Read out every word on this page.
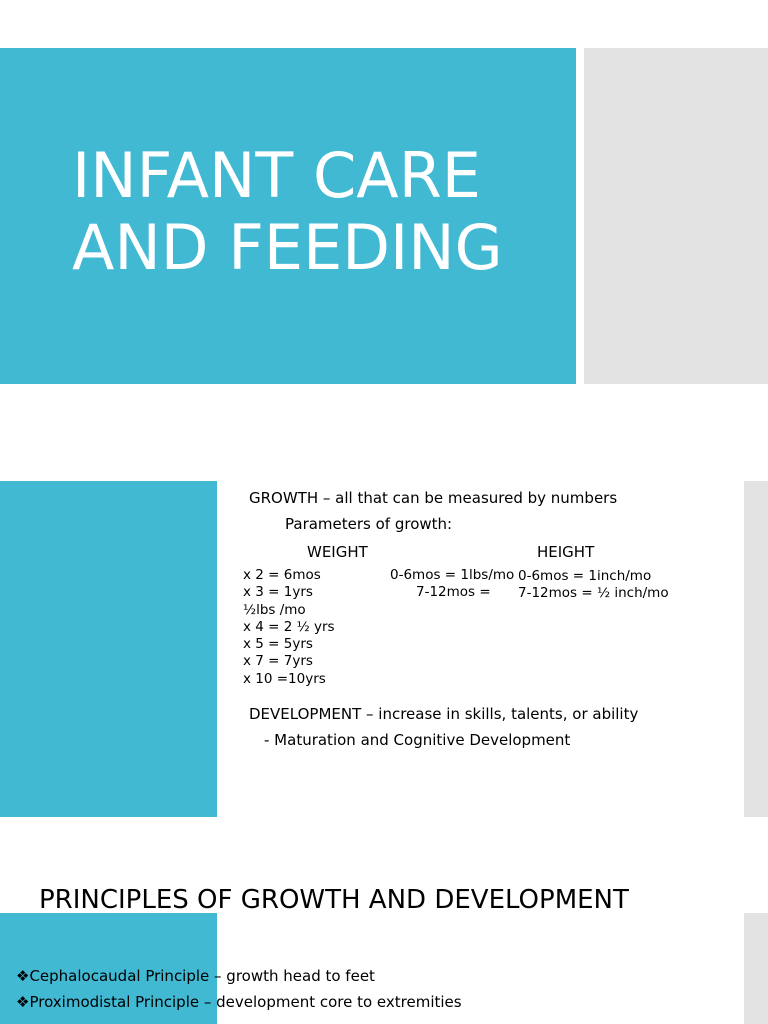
INFANT CARE
AND FEEDING
GROWTH – all that can be measured by numbers
Parameters of growth:
WEIGHT	HEIGHT
x 2 = 6mos
x 3 = 1yrs
½lbs /mo
x 4 = 2 ½ yrs
x 5 = 5yrs
x 7 = 7yrs
x 10 =10yrs
0-6mos = 1lbs/mo
7-12mos =
0-6mos = 1inch/mo
7-12mos = ½ inch/mo
DEVELOPMENT – increase in skills, talents, or ability
- Maturation and Cognitive Development
PRINCIPLES OF GROWTH AND DEVELOPMENT
❖Cephalocaudal Principle – growth head to feet
❖Proximodistal Principle – development core to extremities
